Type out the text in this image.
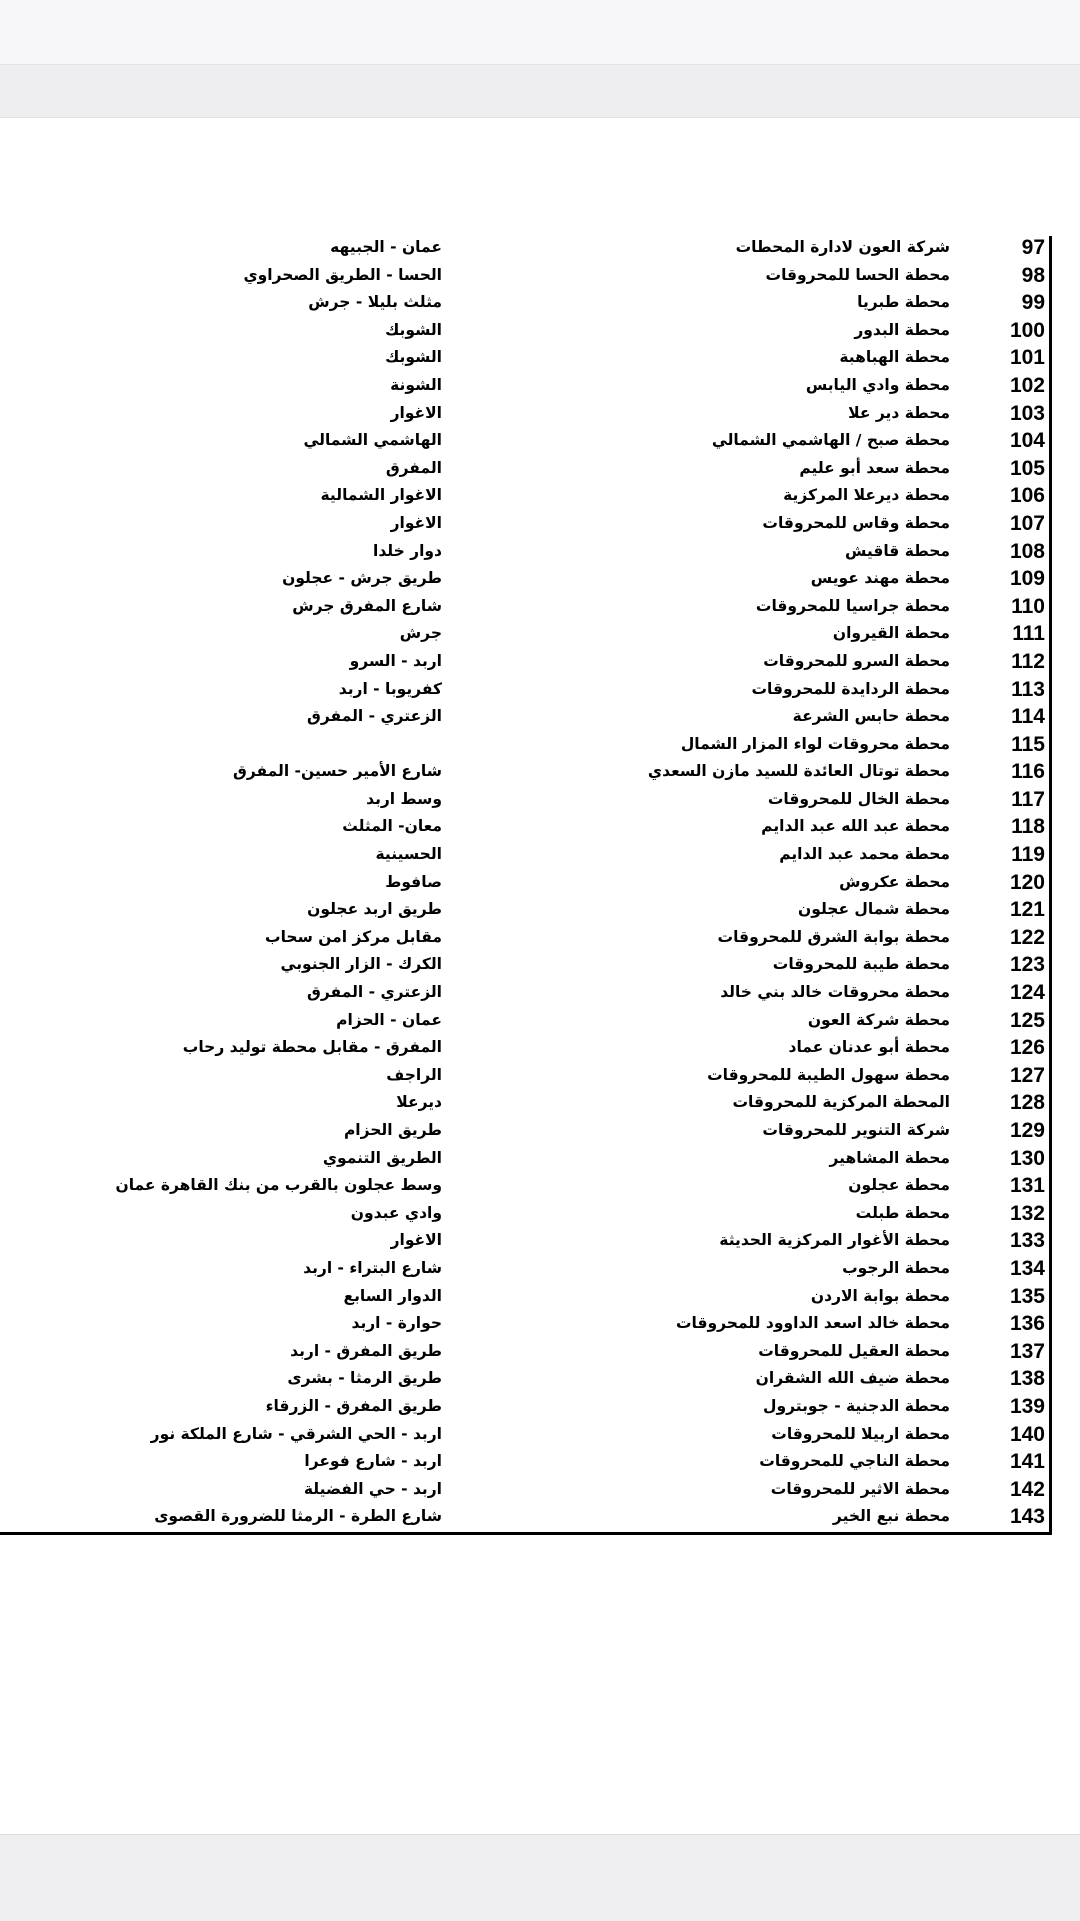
97
شركة العون لادارة المحطات
عمان - الجبيهه
98
محطة الحسا للمحروقات
الحسا - الطريق الصحراوي
99
محطة طبريا
مثلث بليلا - جرش
100
محطة البدور
الشوبك
101
محطة الهباهبة
الشوبك
102
محطة وادي اليابس
الشونة
103
محطة دير علا
الاغوار
104
محطة صبح / الهاشمي الشمالي
الهاشمي الشمالي
105
محطة سعد أبو عليم
المفرق
106
محطة ديرعلا المركزية
الاغوار الشمالية
107
محطة وقاس للمحروقات
الاغوار
108
محطة قاقيش
دوار خلدا
109
محطة مهند عويس
طريق جرش - عجلون
110
محطة جراسيا للمحروقات
شارع المفرق جرش
111
محطة القيروان
جرش
112
محطة السرو للمحروقات
اربد - السرو
113
محطة الردايدة للمحروقات
كفريوبا - اربد
114
محطة حابس الشرعة
الزعتري - المفرق
115
محطة محروقات لواء المزار الشمال
116
محطة توتال العائدة للسيد مازن السعدي
شارع الأمير حسين- المفرق
117
محطة الخال للمحروقات
وسط اربد
118
محطة عبد الله عبد الدايم
معان- المثلث
119
محطة محمد عبد الدايم
الحسينية
120
محطة عكروش
صافوط
121
محطة شمال عجلون
طريق اربد عجلون
122
محطة بوابة الشرق للمحروقات
مقابل مركز امن سحاب
123
محطة طيبة للمحروقات
الكرك - الزار الجنوبي
124
محطة محروقات خالد بني خالد
الزعتري - المفرق
125
محطة شركة العون
عمان - الحزام
126
محطة أبو عدنان عماد
المفرق - مقابل محطة توليد رحاب
127
محطة سهول الطيبة للمحروقات
الراجف
128
المحطة المركزية للمحروقات
ديرعلا
129
شركة التنوير للمحروقات
طريق الحزام
130
محطة المشاهير
الطريق التنموي
131
محطة عجلون
وسط عجلون بالقرب من بنك القاهرة عمان
132
محطة طبلت
وادي عبدون
133
محطة الأغوار المركزية الحديثة
الاغوار
134
محطة الرجوب
شارع البتراء - اربد
135
محطة بوابة الاردن
الدوار السابع
136
محطة خالد اسعد الداوود للمحروقات
حوارة - اربد
137
محطة العقيل للمحروقات
طريق المفرق - اربد
138
محطة ضيف الله الشقران
طريق الرمثا - بشرى
139
محطة الدجنية - جوبترول
طريق المفرق - الزرقاء
140
محطة اربيلا للمحروقات
اربد - الحي الشرقي - شارع الملكة نور
141
محطة الناجي للمحروقات
اربد - شارع فوعرا
142
محطة الاثير للمحروقات
اربد - حي الفضيلة
143
محطة نبع الخير
شارع الطرة - الرمثا للضرورة القصوى
